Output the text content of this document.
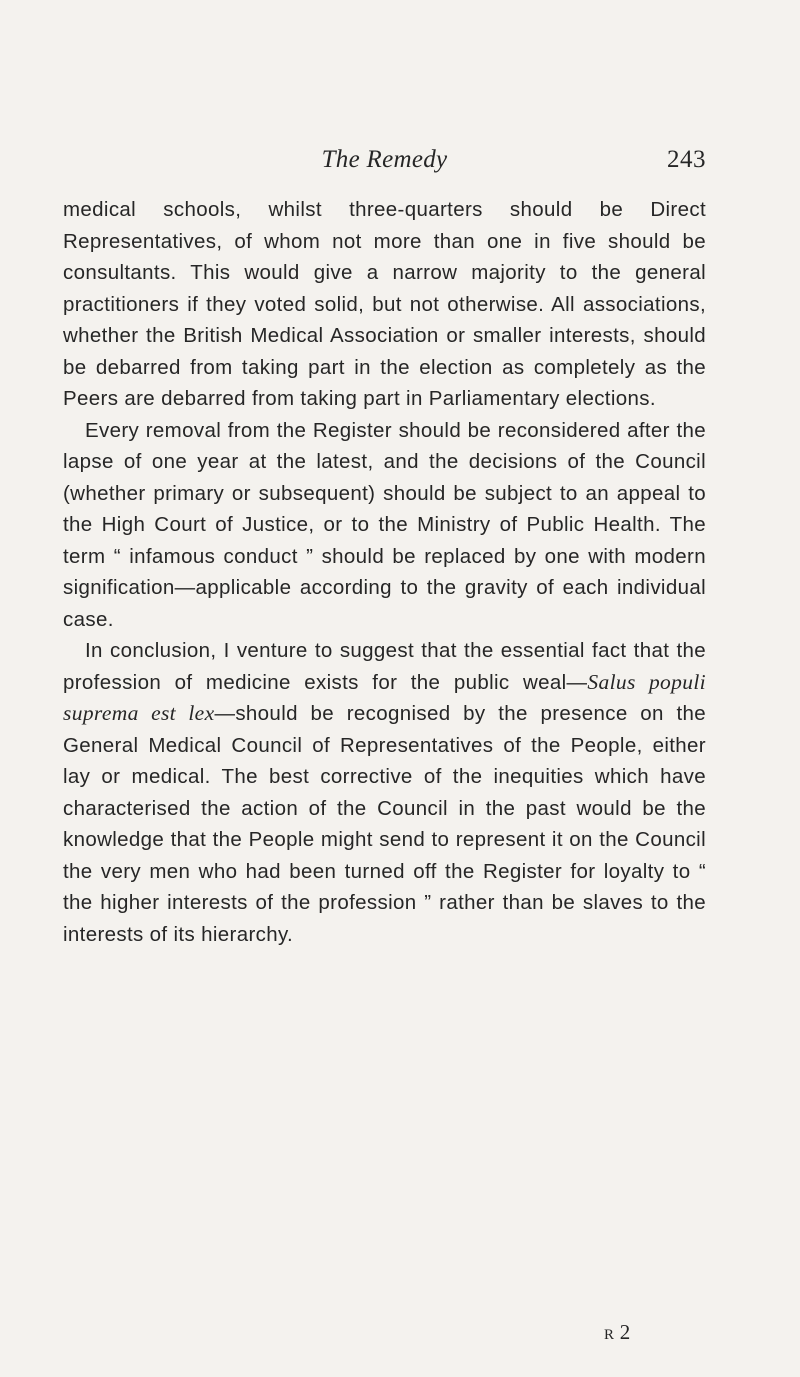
The Remedy	243

medical schools, whilst three-quarters should be Direct Representatives, of whom not more than one in five should be consultants. This would give a narrow majority to the general practitioners if they voted solid, but not otherwise. All associations, whether the British Medical Association or smaller interests, should be debarred from taking part in the election as completely as the Peers are debarred from taking part in Parliamentary elections.

Every removal from the Register should be reconsidered after the lapse of one year at the latest, and the decisions of the Council (whether primary or subsequent) should be subject to an appeal to the High Court of Justice, or to the Ministry of Public Health. The term “ infamous conduct ” should be replaced by one with modern signification—applicable according to the gravity of each individual case.

In conclusion, I venture to suggest that the essential fact that the profession of medicine exists for the public weal—Salus populi suprema est lex—should be recognised by the presence on the General Medical Council of Representatives of the People, either lay or medical. The best corrective of the inequities which have characterised the action of the Council in the past would be the knowledge that the People might send to represent it on the Council the very men who had been turned off the Register for loyalty to “ the higher interests of the profession ” rather than be slaves to the interests of its hierarchy.

R 2
